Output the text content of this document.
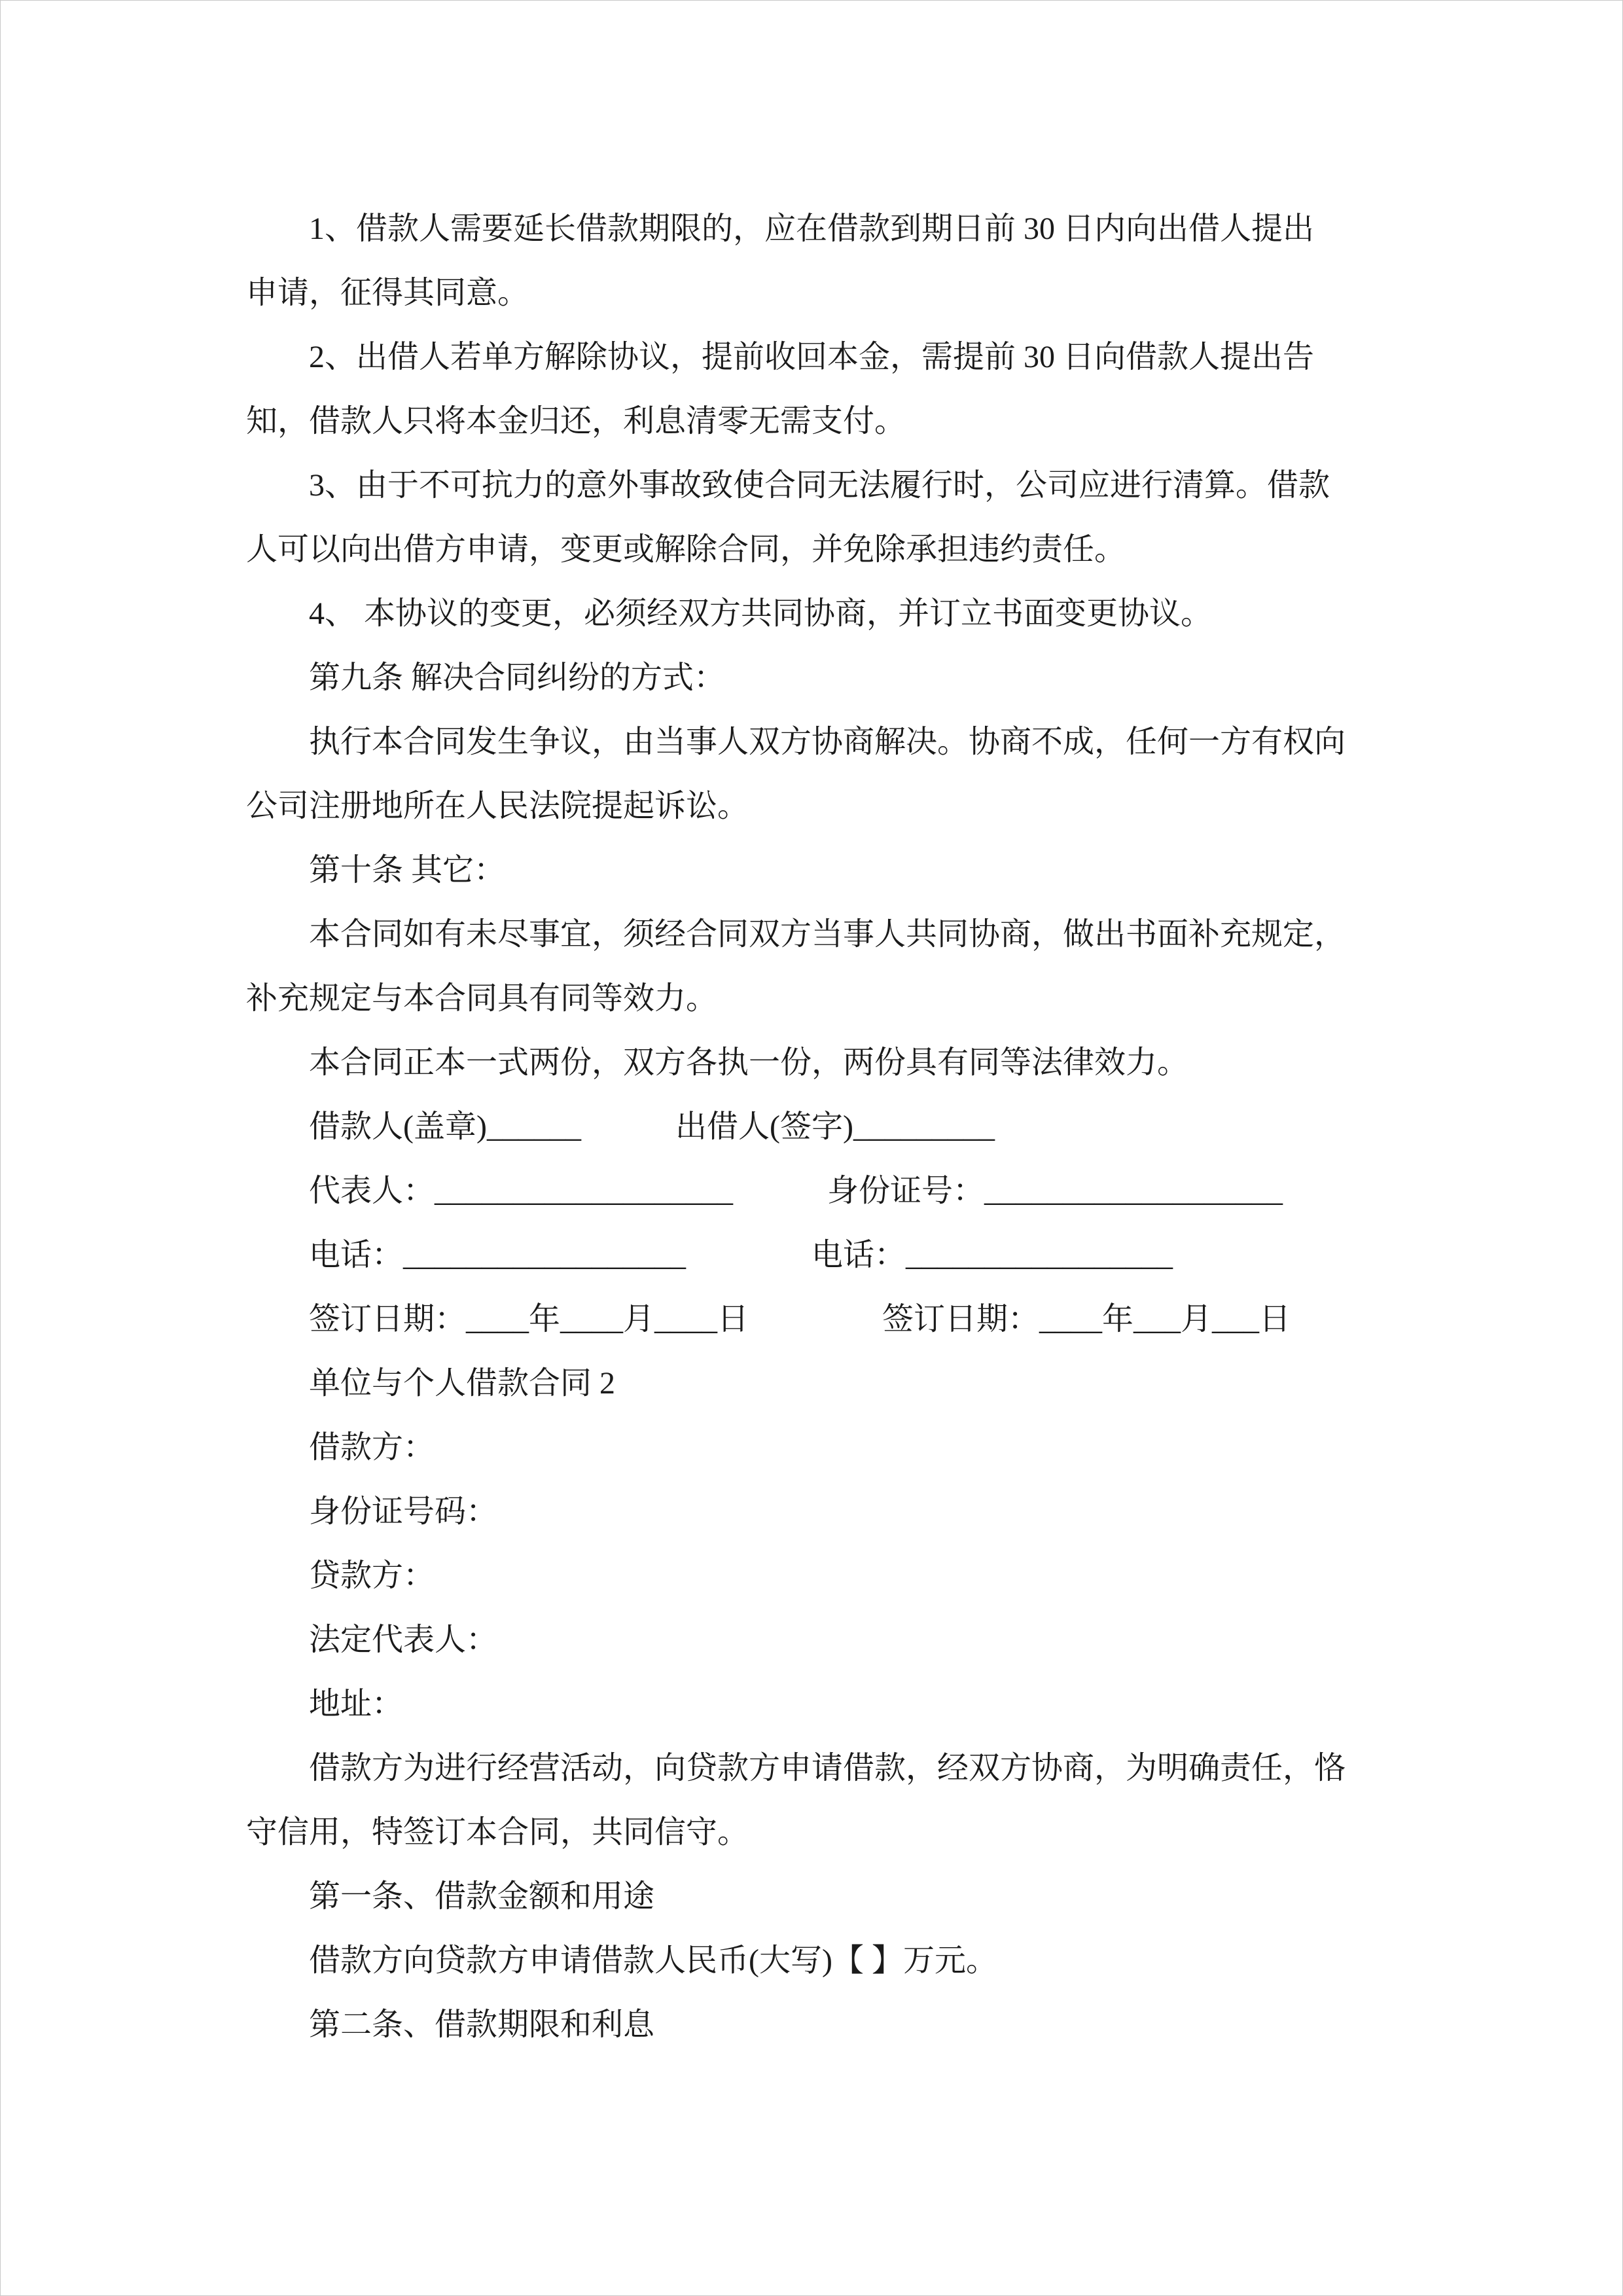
1、借款人需要延长借款期限的，应在借款到期日前 30 日内向出借人提出
申请，征得其同意。
2、出借人若单方解除协议，提前收回本金，需提前 30 日向借款人提出告
知，借款人只将本金归还，利息清零无需支付。
3、由于不可抗力的意外事故致使合同无法履行时，公司应进行清算。借款
人可以向出借方申请，变更或解除合同，并免除承担违约责任。
4、 本协议的变更，必须经双方共同协商，并订立书面变更协议。
第九条 解决合同纠纷的方式：
执行本合同发生争议，由当事人双方协商解决。协商不成，任何一方有权向
公司注册地所在人民法院提起诉讼。
第十条 其它：
本合同如有未尽事宜，须经合同双方当事人共同协商，做出书面补充规定，
补充规定与本合同具有同等效力。
本合同正本一式两份，双方各执一份，两份具有同等法律效力。
借款人(盖章)______            出借人(签字)_________
代表人：___________________            身份证号：___________________
电话：__________________                电话：_________________
签订日期：____年____月____日                 签订日期：____年___月___日
单位与个人借款合同 2
借款方：
身份证号码：
贷款方：
法定代表人：
地址：
借款方为进行经营活动，向贷款方申请借款，经双方协商，为明确责任，恪
守信用，特签订本合同，共同信守。
第一条、借款金额和用途
借款方向贷款方申请借款人民币(大写)【 】万元。
第二条、借款期限和利息
